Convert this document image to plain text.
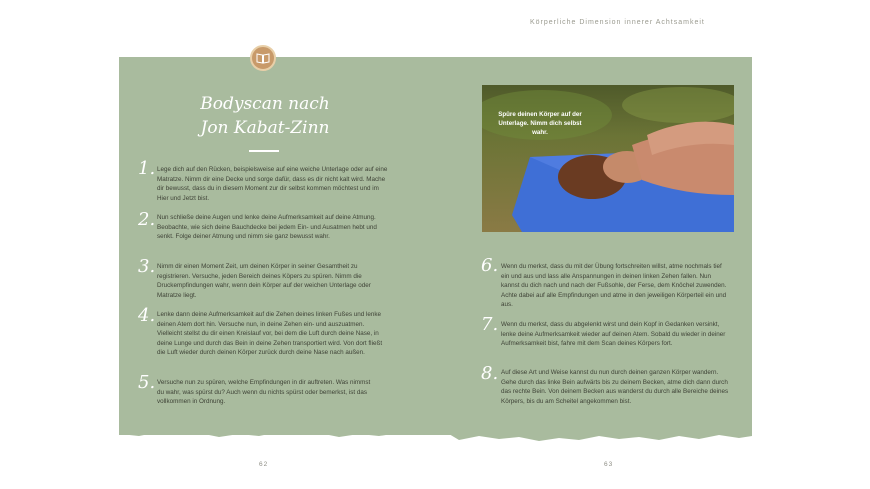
Körperliche Dimension innerer Achtsamkeit
Bodyscan nach
Jon Kabat-Zinn
1. Lege dich auf den Rücken, beispielsweise auf eine weiche Unterlage oder auf eine Matratze. Nimm dir eine Decke und sorge dafür, dass es dir nicht kalt wird. Mache dir bewusst, dass du in diesem Moment zur dir selbst kommen möchtest und im Hier und Jetzt bist.
2. Nun schließe deine Augen und lenke deine Aufmerksamkeit auf deine Atmung. Beobachte, wie sich deine Bauchdecke bei jedem Ein- und Ausatmen hebt und senkt. Folge deiner Atmung und nimm sie ganz bewusst wahr.
3. Nimm dir einen Moment Zeit, um deinen Körper in seiner Gesamtheit zu registrieren. Versuche, jeden Bereich deines Köpers zu spüren. Nimm die Druckempfindungen wahr, wenn dein Körper auf der weichen Unterlage oder Matratze liegt.
4. Lenke dann deine Aufmerksamkeit auf die Zehen deines linken Fußes und lenke deinen Atem dort hin. Versuche nun, in deine Zehen ein- und auszuatmen. Vielleicht stellst du dir einen Kreislauf vor, bei dem die Luft durch deine Nase, in deine Lunge und durch das Bein in deine Zehen transportiert wird. Von dort fließt die Luft wieder durch deinen Körper zurück durch deine Nase nach außen.
5. Versuche nun zu spüren, welche Empfindungen in dir auftreten. Was nimmst du wahr, was spürst du? Auch wenn du nichts spürst oder bemerkst, ist das vollkommen in Ordnung.
Spüre deinen Körper auf der Unterlage. Nimm dich selbst wahr.
6. Wenn du merkst, dass du mit der Übung fortschreiten willst, atme nochmals tief ein und aus und lass alle Anspannungen in deinen linken Zehen fallen. Nun kannst du dich nach und nach der Fußsohle, der Ferse, dem Knöchel zuwenden. Achte dabei auf alle Empfindungen und atme in den jeweiligen Körperteil ein und aus.
7. Wenn du merkst, dass du abgelenkt wirst und dein Kopf in Gedanken versinkt, lenke deine Aufmerksamkeit wieder auf deinen Atem. Sobald du wieder in deiner Aufmerksamkeit bist, fahre mit dem Scan deines Körpers fort.
8. Auf diese Art und Weise kannst du nun durch deinen ganzen Körper wandern. Gehe durch das linke Bein aufwärts bis zu deinem Becken, atme dich dann durch das rechte Bein. Von deinem Becken aus wanderst du durch alle Bereiche deines Körpers, bis du am Scheitel angekommen bist.
62	63
